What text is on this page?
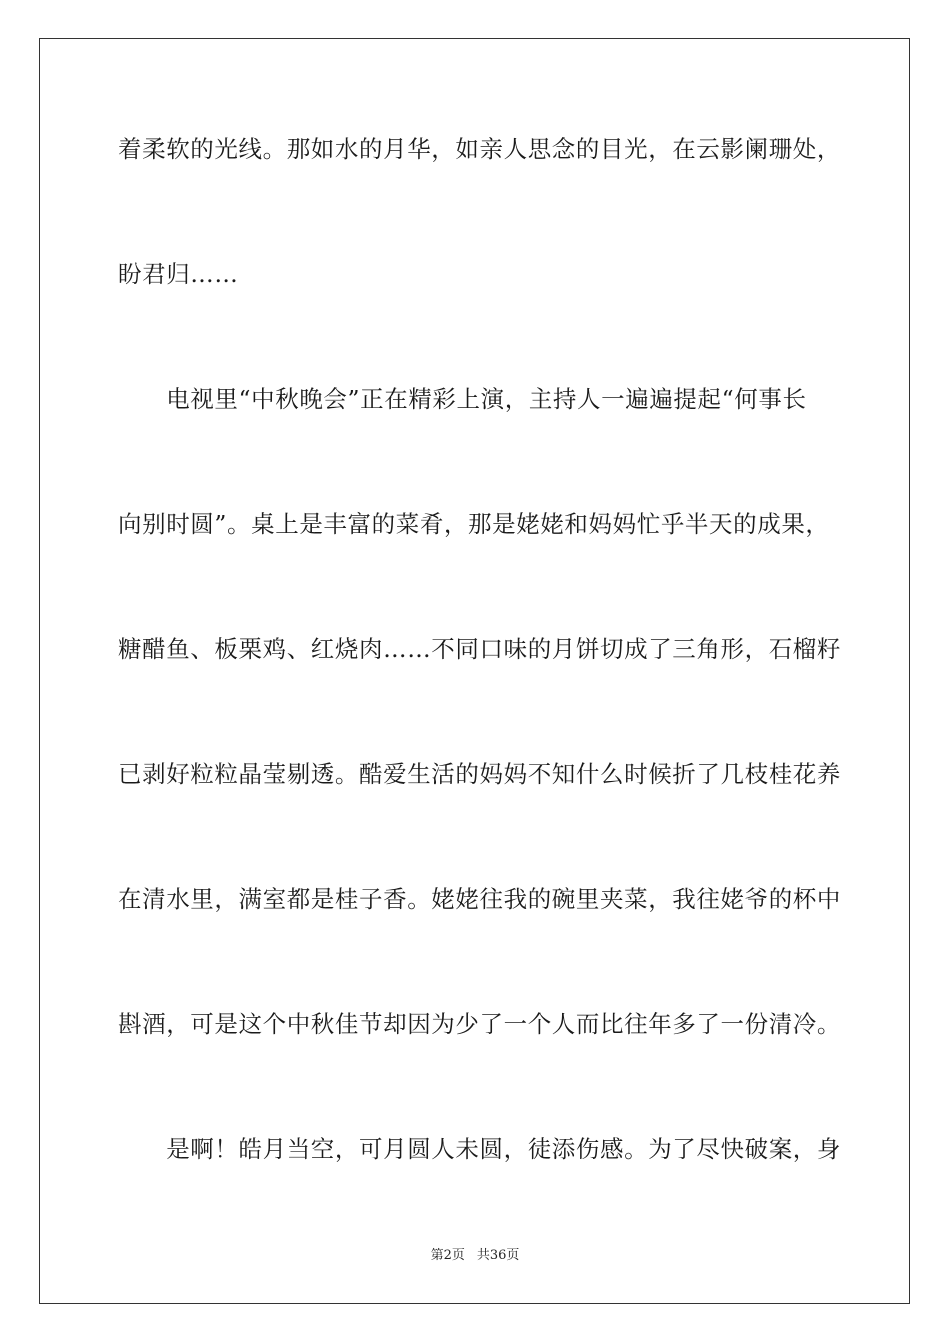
着柔软的光线。那如水的月华，如亲人思念的目光，在云影阑珊处，
盼君归……
　　电视里“中秋晚会”正在精彩上演，主持人一遍遍提起“何事长
向别时圆”。桌上是丰富的菜肴，那是姥姥和妈妈忙乎半天的成果，
糖醋鱼、板栗鸡、红烧肉……不同口味的月饼切成了三角形，石榴籽
已剥好粒粒晶莹剔透。酷爱生活的妈妈不知什么时候折了几枝桂花养
在清水里，满室都是桂子香。姥姥往我的碗里夹菜，我往姥爷的杯中
斟酒，可是这个中秋佳节却因为少了一个人而比往年多了一份清冷。
　　是啊！皓月当空，可月圆人未圆，徒添伤感。为了尽快破案，身
第2页 共36页
